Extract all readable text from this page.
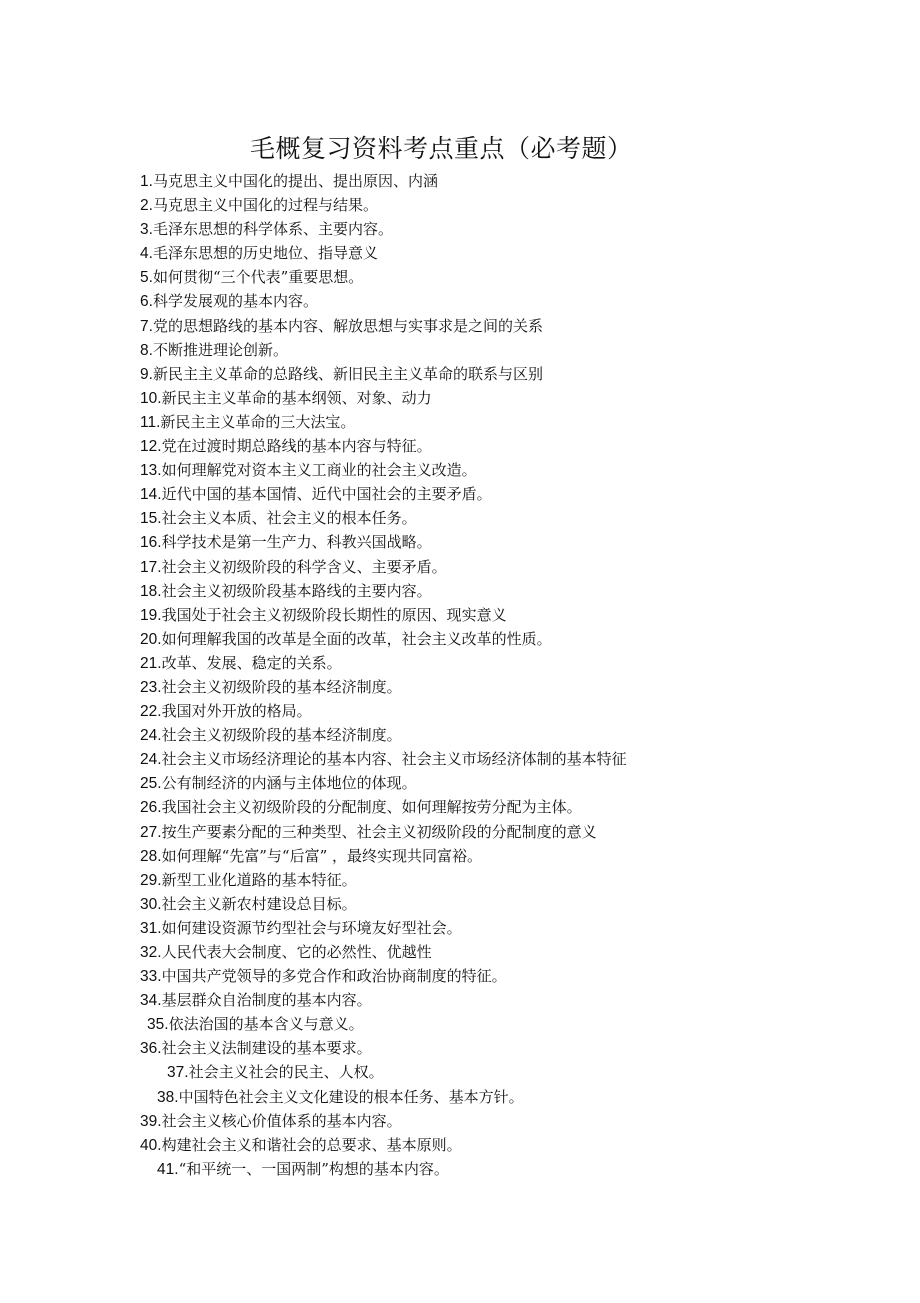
毛概复习资料考点重点（必考题）
1.马克思主义中国化的提出、提出原因、内涵
2.马克思主义中国化的过程与结果。
3.毛泽东思想的科学体系、主要内容。
4.毛泽东思想的历史地位、指导意义
5.如何贯彻“三个代表”重要思想。
6.科学发展观的基本内容。
7.党的思想路线的基本内容、解放思想与实事求是之间的关系
8.不断推进理论创新。
9.新民主主义革命的总路线、新旧民主主义革命的联系与区别
10.新民主主义革命的基本纲领、对象、动力
11.新民主主义革命的三大法宝。
12.党在过渡时期总路线的基本内容与特征。
13.如何理解党对资本主义工商业的社会主义改造。
14.近代中国的基本国情、近代中国社会的主要矛盾。
15.社会主义本质、社会主义的根本任务。
16.科学技术是第一生产力、科教兴国战略。
17.社会主义初级阶段的科学含义、主要矛盾。
18.社会主义初级阶段基本路线的主要内容。
19.我国处于社会主义初级阶段长期性的原因、现实意义
20.如何理解我国的改革是全面的改革，社会主义改革的性质。
21.改革、发展、稳定的关系。
23.社会主义初级阶段的基本经济制度。
22.我国对外开放的格局。
24.社会主义初级阶段的基本经济制度。
24.社会主义市场经济理论的基本内容、社会主义市场经济体制的基本特征
25.公有制经济的内涵与主体地位的体现。
26.我国社会主义初级阶段的分配制度、如何理解按劳分配为主体。
27.按生产要素分配的三种类型、社会主义初级阶段的分配制度的意义
28.如何理解“先富”与“后富” ，最终实现共同富裕。
29.新型工业化道路的基本特征。
30.社会主义新农村建设总目标。
31.如何建设资源节约型社会与环境友好型社会。
32.人民代表大会制度、它的必然性、优越性
33.中国共产党领导的多党合作和政治协商制度的特征。
34.基层群众自治制度的基本内容。
35.依法治国的基本含义与意义。
36.社会主义法制建设的基本要求。
37.社会主义社会的民主、人权。
38.中国特色社会主义文化建设的根本任务、基本方针。
39.社会主义核心价值体系的基本内容。
40.构建社会主义和谐社会的总要求、基本原则。
41.“和平统一、一国两制”构想的基本内容。
